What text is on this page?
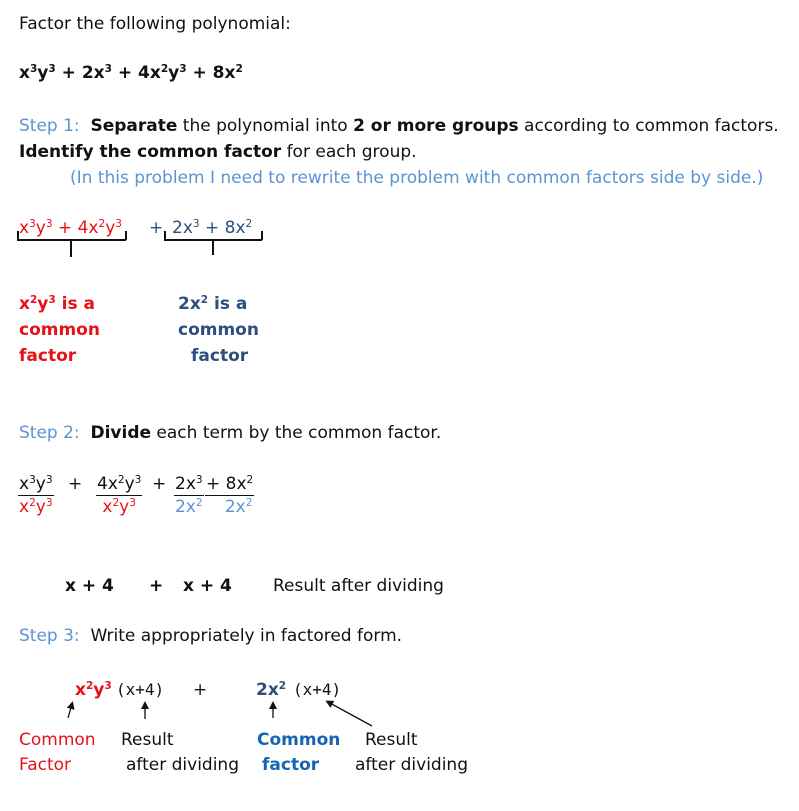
Factor the following polynomial:
$x^3y^3 + 2x^3 + 4x^2y^3 + 8x^2$
Step 1: Separate the polynomial into 2 or more groups according to common factors.
Identify the common factor for each group.
(In this problem I need to rewrite the problem with common factors side by side.)
$x^3y^3 + 4x^2y^3 + 2x^3 + 8x^2$
$x^2y^3$ is a
common
factor
$2x^2$ is a
common
factor
Step 2: Divide each term by the common factor.
$\frac{x^3y^3}{x^2y^3} + \frac{4x^2y^3}{x^2y^3} + \frac{2x^3}{2x^2} \frac{+ 8x^2}{2x^2}$
x + 4 + x + 4 Result after dividing
Step 3: Write appropriately in factored form.
$x^2y^3$ (x+4) +	$2x^2$ (x+4)
Common
Factor
Result
after dividing
Common
factor
Result
after dividing
